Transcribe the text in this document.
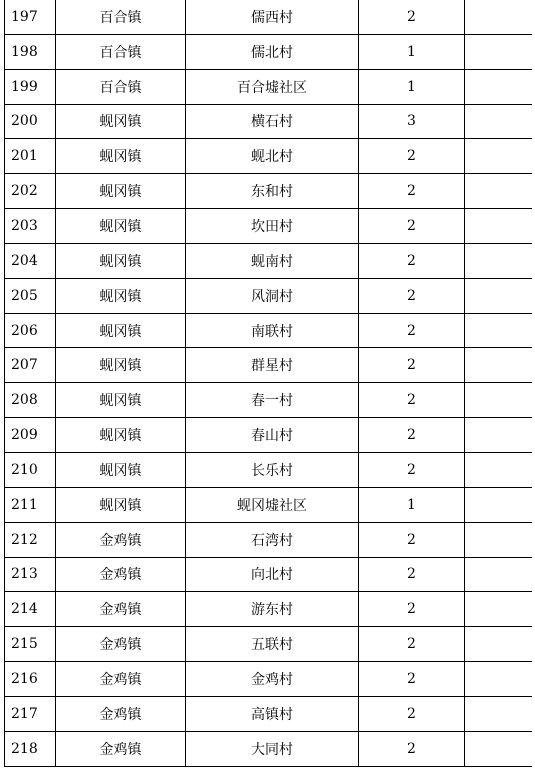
197	百合镇	儒西村	2	
198	百合镇	儒北村	1	
199	百合镇	百合墟社区	1	
200	蚬冈镇	横石村	3	
201	蚬冈镇	蚬北村	2	
202	蚬冈镇	东和村	2	
203	蚬冈镇	坎田村	2	
204	蚬冈镇	蚬南村	2	
205	蚬冈镇	风洞村	2	
206	蚬冈镇	南联村	2	
207	蚬冈镇	群星村	2	
208	蚬冈镇	春一村	2	
209	蚬冈镇	春山村	2	
210	蚬冈镇	长乐村	2	
211	蚬冈镇	蚬冈墟社区	1	
212	金鸡镇	石湾村	2	
213	金鸡镇	向北村	2	
214	金鸡镇	游东村	2	
215	金鸡镇	五联村	2	
216	金鸡镇	金鸡村	2	
217	金鸡镇	高镇村	2	
218	金鸡镇	大同村	2	
